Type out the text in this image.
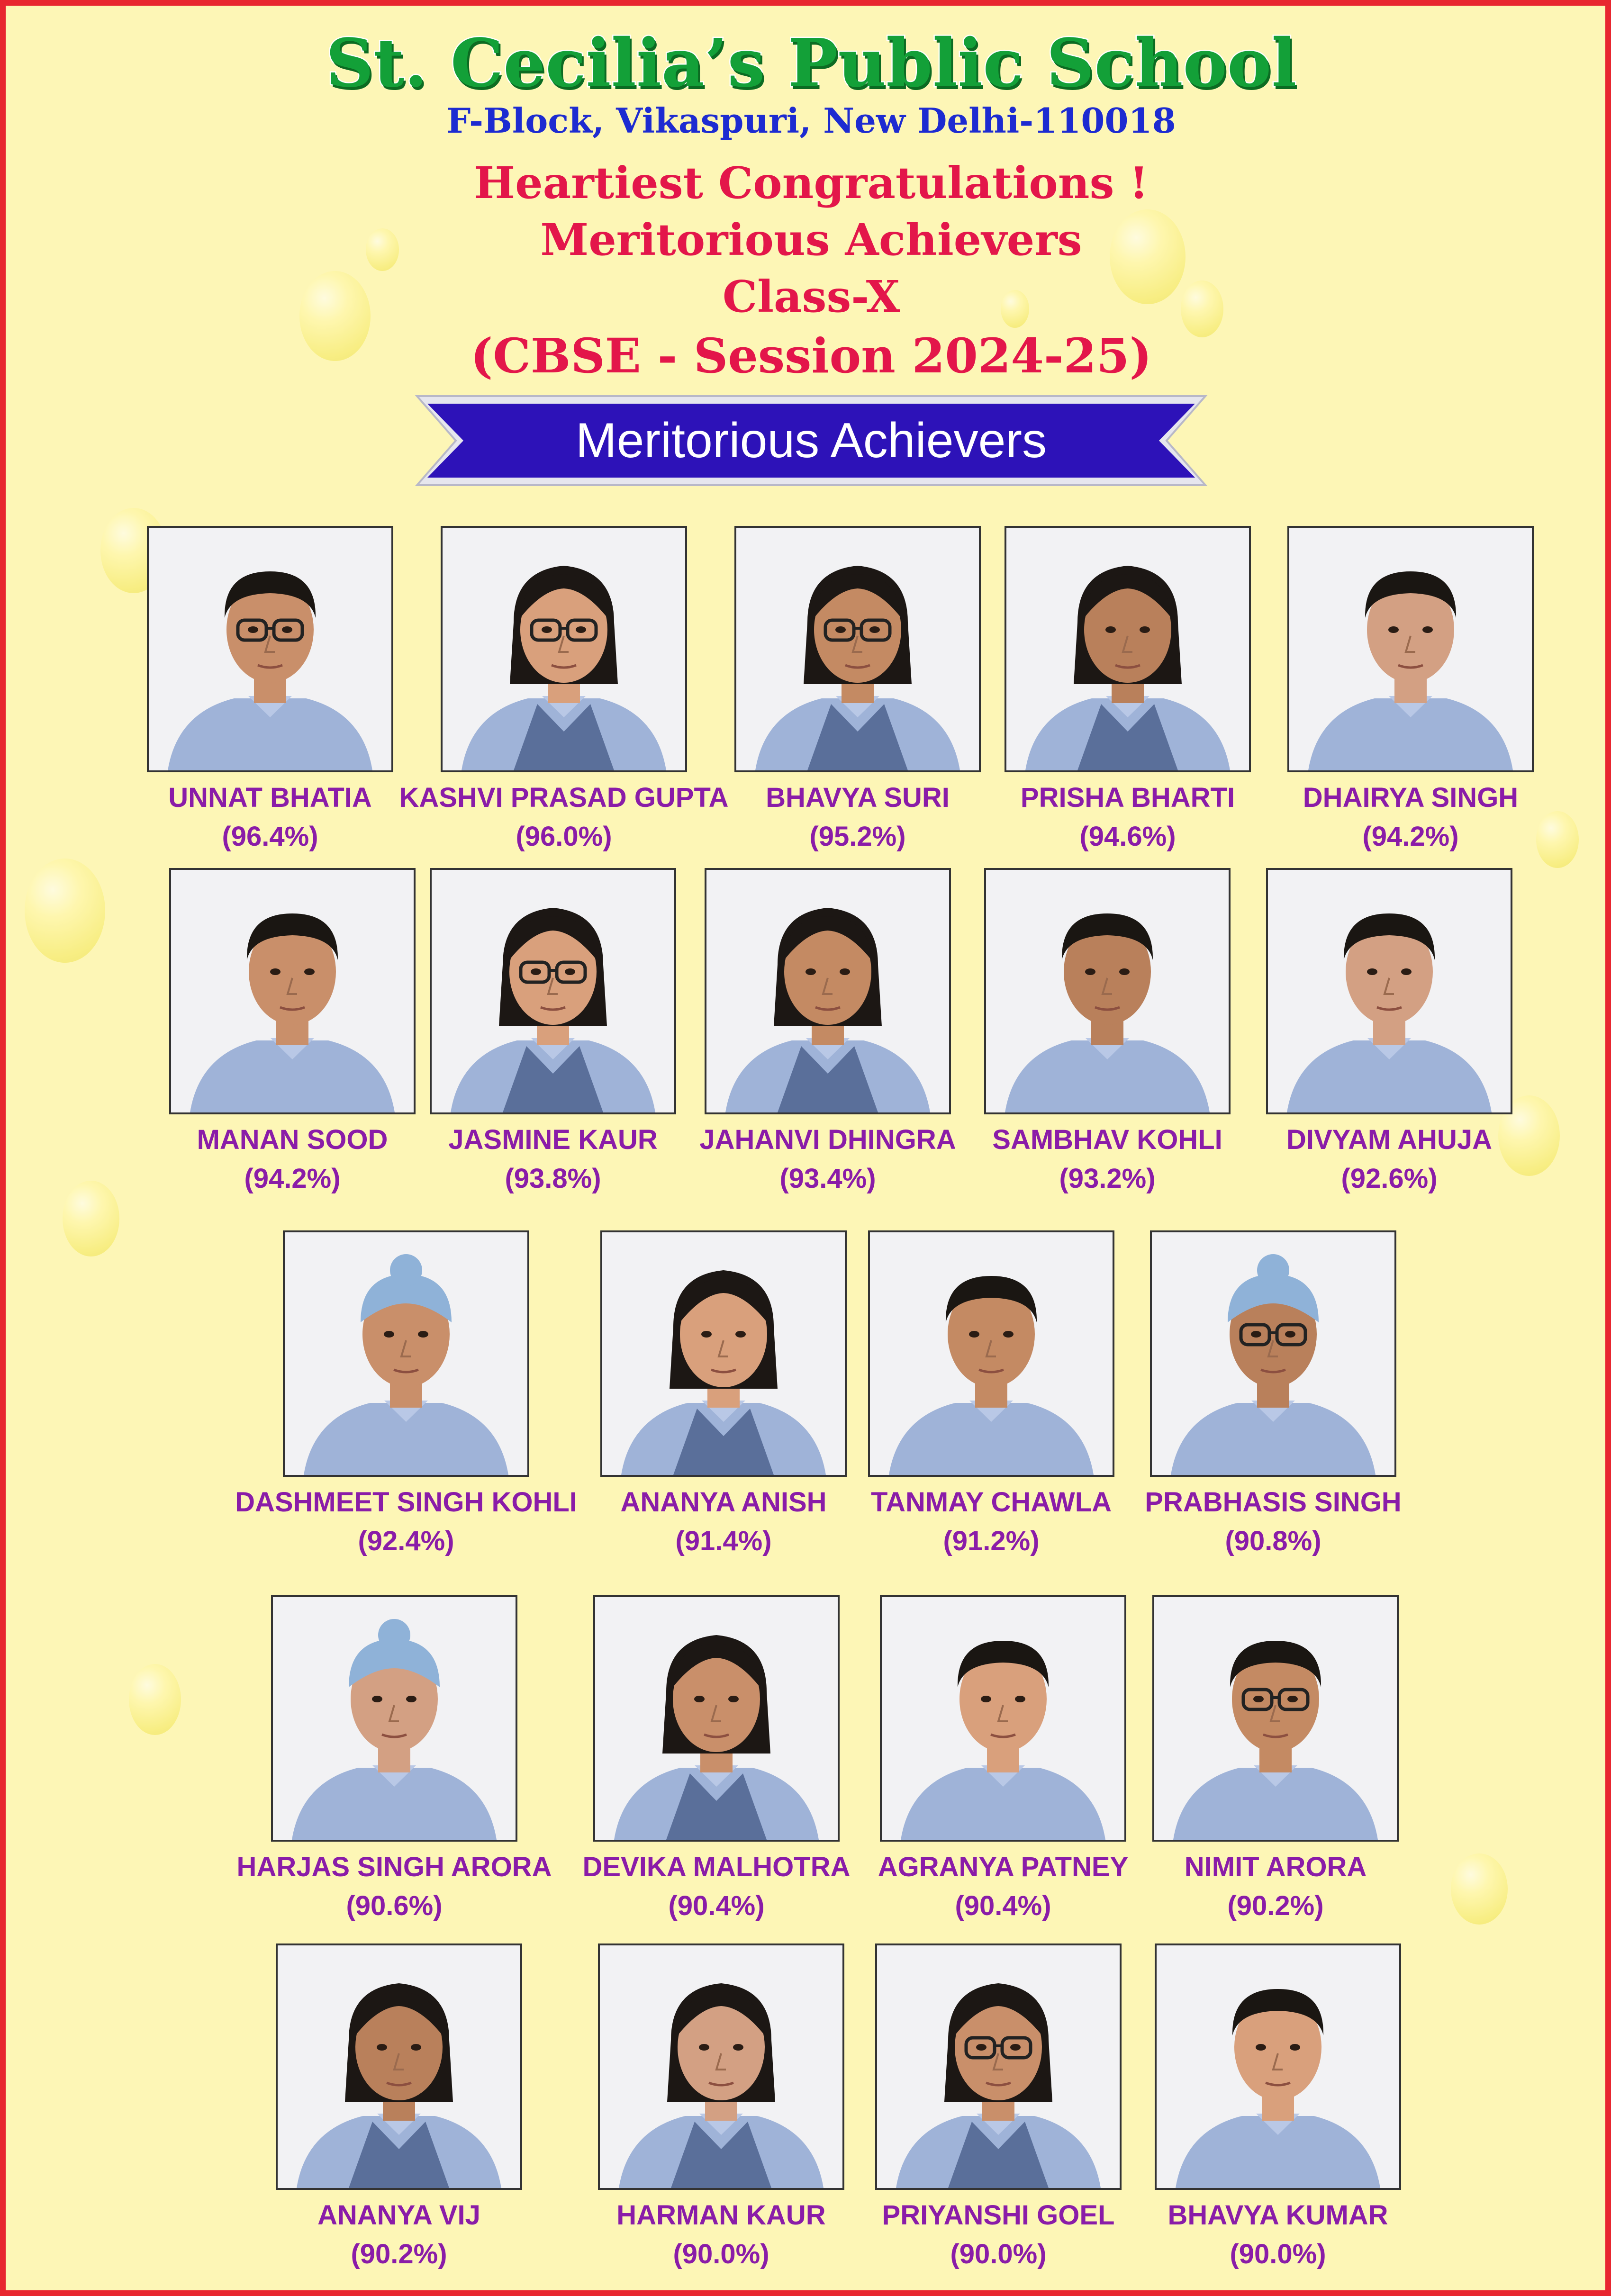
St. Cecilia’s Public School
F-Block, Vikaspuri, New Delhi-110018
Heartiest Congratulations !
Meritorious Achievers
Class-X
(CBSE - Session 2024-25)
Meritorious Achievers
UNNAT BHATIA
(96.4%)
KASHVI PRASAD GUPTA
(96.0%)
BHAVYA SURI
(95.2%)
PRISHA BHARTI
(94.6%)
DHAIRYA SINGH
(94.2%)
MANAN SOOD
(94.2%)
JASMINE KAUR
(93.8%)
JAHANVI DHINGRA
(93.4%)
SAMBHAV KOHLI
(93.2%)
DIVYAM AHUJA
(92.6%)
DASHMEET SINGH KOHLI
(92.4%)
ANANYA ANISH
(91.4%)
TANMAY CHAWLA
(91.2%)
PRABHASIS SINGH
(90.8%)
HARJAS SINGH ARORA
(90.6%)
DEVIKA MALHOTRA
(90.4%)
AGRANYA PATNEY
(90.4%)
NIMIT ARORA
(90.2%)
ANANYA VIJ
(90.2%)
HARMAN KAUR
(90.0%)
PRIYANSHI GOEL
(90.0%)
BHAVYA KUMAR
(90.0%)
